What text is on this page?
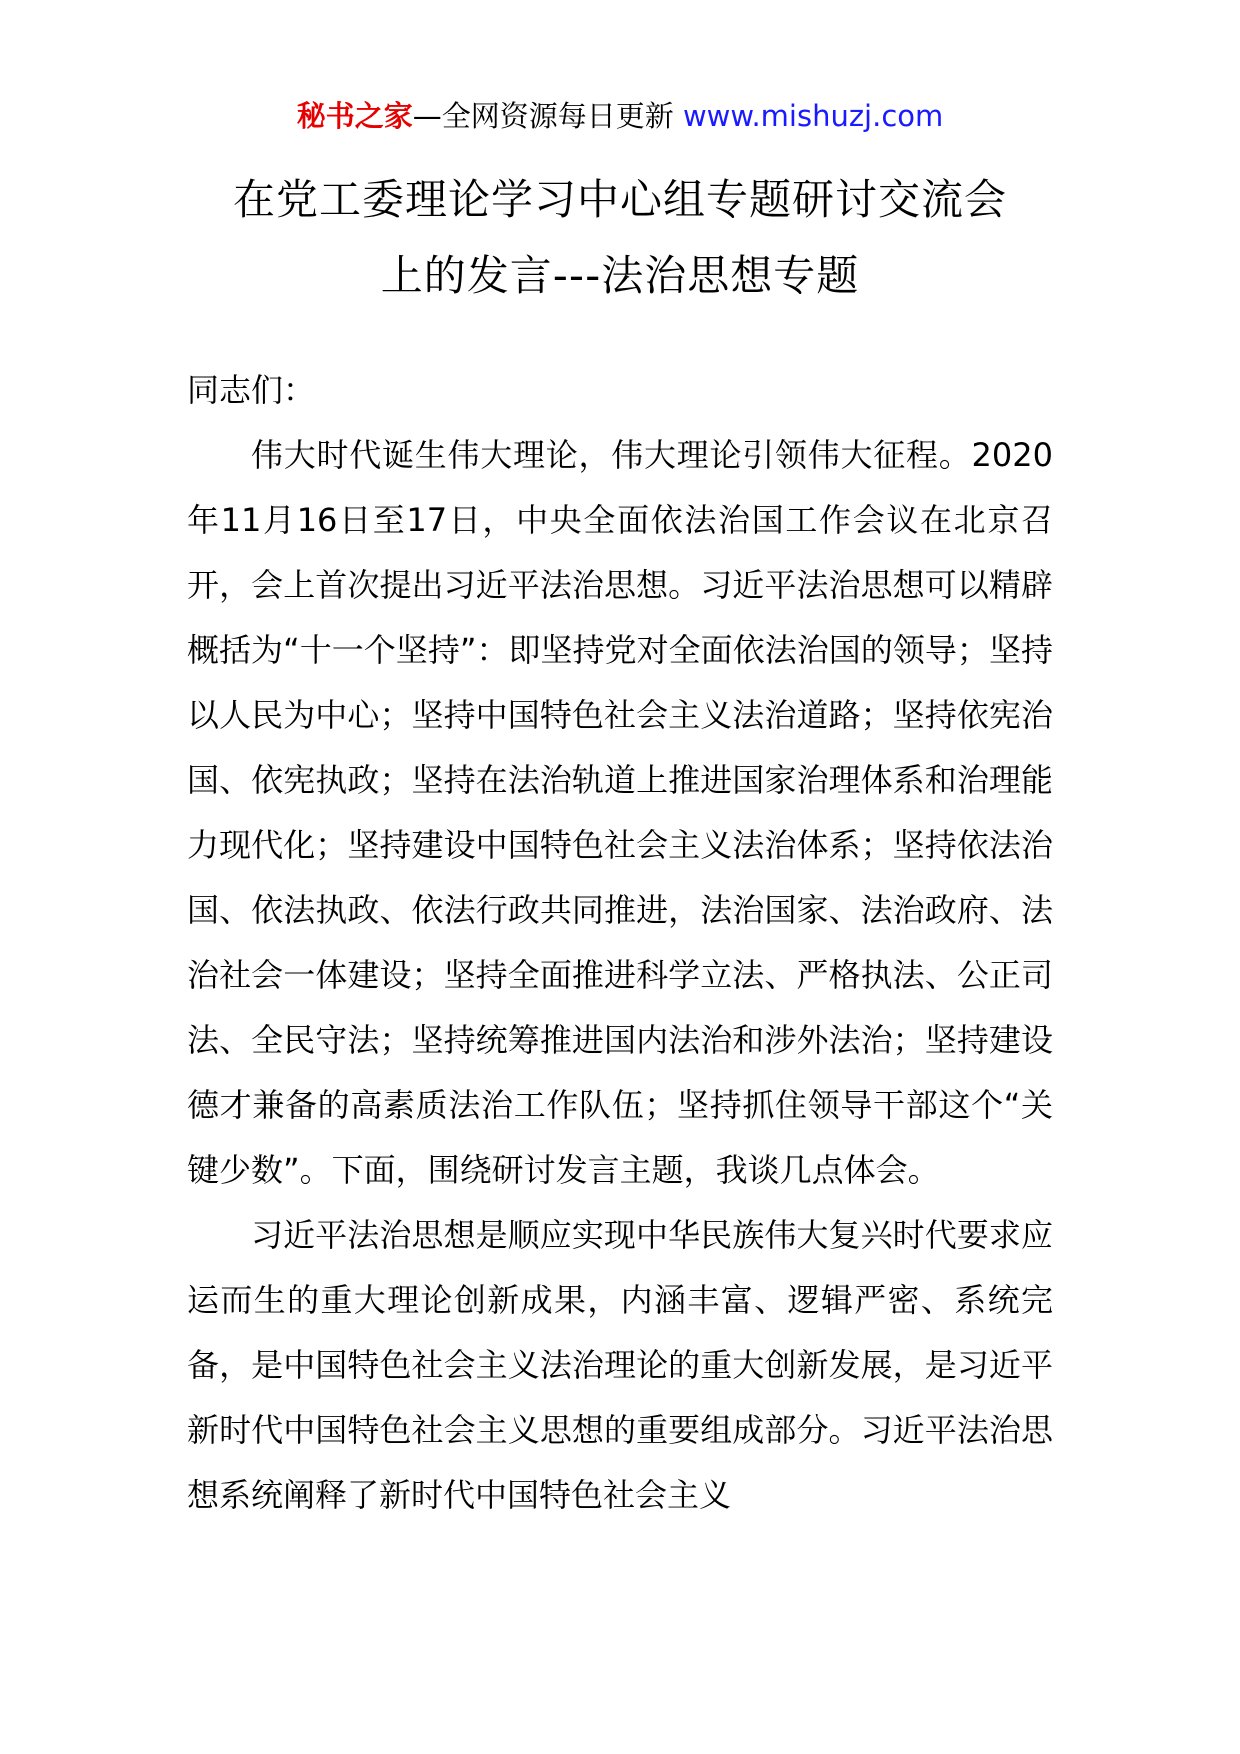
秘书之家—全网资源每日更新 www.mishuzj.com
在党工委理论学习中心组专题研讨交流会
上的发言---法治思想专题

同志们：

伟大时代诞生伟大理论，伟大理论引领伟大征程。2020年11月16日至17日，中央全面依法治国工作会议在北京召开，会上首次提出习近平法治思想。习近平法治思想可以精辟概括为“十一个坚持”：即坚持党对全面依法治国的领导；坚持以人民为中心；坚持中国特色社会主义法治道路；坚持依宪治国、依宪执政；坚持在法治轨道上推进国家治理体系和治理能力现代化；坚持建设中国特色社会主义法治体系；坚持依法治国、依法执政、依法行政共同推进，法治国家、法治政府、法治社会一体建设；坚持全面推进科学立法、严格执法、公正司法、全民守法；坚持统筹推进国内法治和涉外法治；坚持建设德才兼备的高素质法治工作队伍；坚持抓住领导干部这个“关键少数”。下面，围绕研讨发言主题，我谈几点体会。

习近平法治思想是顺应实现中华民族伟大复兴时代要求应运而生的重大理论创新成果，内涵丰富、逻辑严密、系统完备，是中国特色社会主义法治理论的重大创新发展，是习近平新时代中国特色社会主义思想的重要组成部分。习近平法治思想系统阐释了新时代中国特色社会主义
